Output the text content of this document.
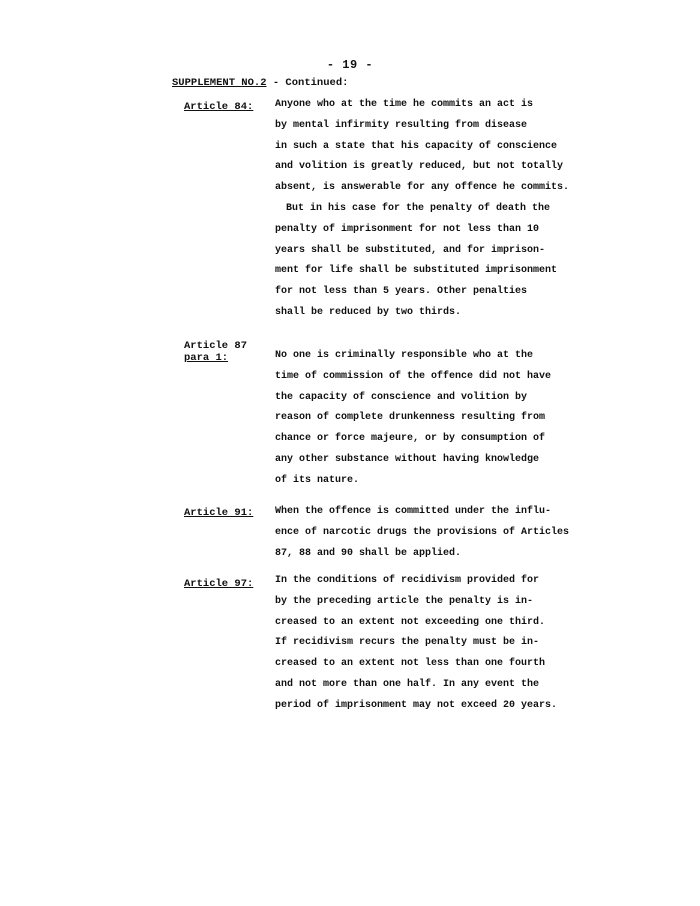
- 19 -
SUPPLEMENT NO.2 - Continued:
Article 84: Anyone who at the time he commits an act is
by mental infirmity resulting from disease
in such a state that his capacity of conscience
and volition is greatly reduced, but not totally
absent, is answerable for any offence he commits.
But in his case for the penalty of death the
penalty of imprisonment for not less than 10
years shall be substituted, and for imprison-
ment for life shall be substituted imprisonment
for not less than 5 years. Other penalties
shall be reduced by two thirds.
Article 87
para 1:	No one is criminally responsible who at the
time of commission of the offence did not have
the capacity of conscience and volition by
reason of complete drunkenness resulting from
chance or force majeure, or by consumption of
any other substance without having knowledge
of its nature.
Article 91: When the offence is committed under the influ-
ence of narcotic drugs the provisions of Articles
87, 88 and 90 shall be applied.
Article 97: In the conditions of recidivism provided for
by the preceding article the penalty is in-
creased to an extent not exceeding one third.
If recidivism recurs the penalty must be in-
creased to an extent not less than one fourth
and not more than one half. In any event the
period of imprisonment may not exceed 20 years.
